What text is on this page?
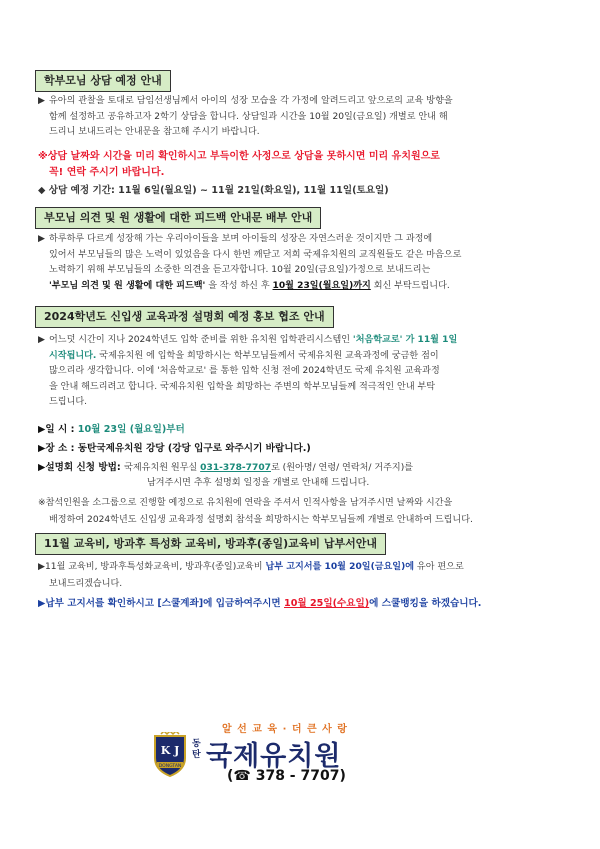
학부모님 상담 예정 안내
▶ 유아의 관찰을 토대로 담임선생님께서 아이의 성장 모습을 각 가정에 알려드리고 앞으로의 교육 방향을
함께 설정하고 공유하고자 2학기 상담을 합니다. 상담일과 시간을 10월 20일(금요일) 개별로 안내 해
드리니 보내드리는 안내문을 참고해 주시기 바랍니다.
※상담 날짜와 시간을 미리 확인하시고 부득이한 사정으로 상담을 못하시면 미리 유치원으로
꼭! 연락 주시기 바랍니다.
◆ 상담 예정 기간: 11월 6일(월요일) ~ 11월 21일(화요일), 11월 11일(토요일)
부모님 의견 및 원 생활에 대한 피드백 안내문 배부 안내
▶ 하루하루 다르게 성장해 가는 우리아이들을 보며 아이들의 성장은 자연스러운 것이지만 그 과정에
있어서 부모님들의 많은 노력이 있었음을 다시 한번 깨닫고 저희 국제유치원의 교직원들도 같은 마음으로
노력하기 위해 부모님들의 소중한 의견을 듣고자합니다. 10월 20일(금요일)가정으로 보내드리는
'부모님 의견 및 원 생활에 대한 피드백' 을 작성 하신 후 10월 23일(월요일)까지 회신 부탁드립니다.
2024학년도 신입생 교육과정 설명회 예정 홍보 협조 안내
▶ 어느덧 시간이 지나 2024학년도 입학 준비를 위한 유치원 입학관리시스템인 '처음학교로' 가 11월 1일
시작됩니다. 국제유치원 에 입학을 희망하시는 학부모님들께서 국제유치원 교육과정에 궁금한 점이
많으리라 생각합니다. 이에 '처음학교로' 를 통한 입학 신청 전에 2024학년도 국제 유치원 교육과정
을 안내 해드리려고 합니다. 국제유치원 입학을 희망하는 주변의 학부모님들께 적극적인 안내 부탁
드립니다.
▶일 시 : 10월 23일 (월요일)부터
▶장 소 : 동탄국제유치원 강당 (강당 입구로 와주시기 바랍니다.)
▶설명회 신청 방법: 국제유치원 원무실 031-378-7707로 (원아명/ 연령/ 연락처/ 거주지)를
남겨주시면 추후 설명회 일정을 개별로 안내해 드립니다.
※참석인원을 소그룹으로 진행할 예정으로 유치원에 연락을 주셔서 인적사항을 남겨주시면 날짜와 시간을
배정하여 2024학년도 신입생 교육과정 설명회 참석을 희망하시는 학부모님들께 개별로 안내하여 드립니다.
11월 교육비, 방과후 특성화 교육비, 방과후(종일)교육비 납부서안내
▶11월 교육비, 방과후특성화교육비, 방과후(종일)교육비 납부 고지서를 10월 20일(금요일)에 유아 편으로
보내드리겠습니다.
▶납부 고지서를 확인하시고 [스쿨계좌]에 입금하여주시면 10월 25일(수요일)에 스쿨뱅킹을 하겠습니다.
알 선 교 육 · 더 큰 사 랑
K J
DONGTAN
동
탄 국제유치원
(☎ 378 - 7707)
